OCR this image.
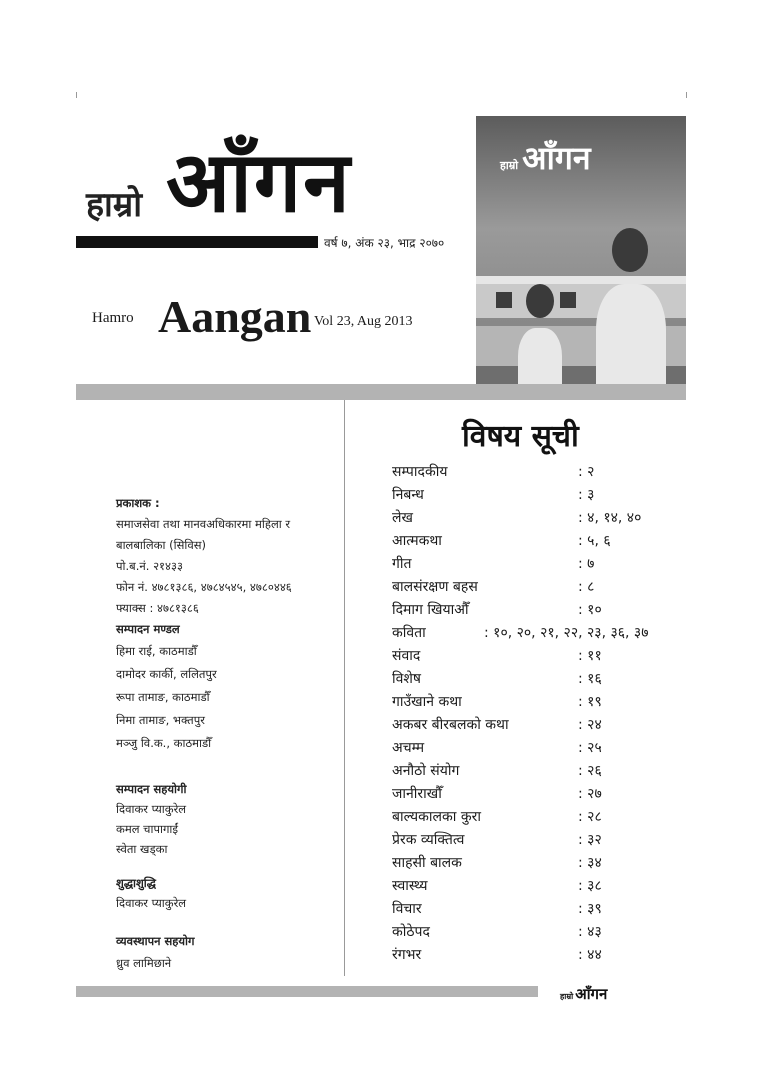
हाम्रो आँगन
वर्ष ७, अंक २३, भाद्र २०७०
Hamro Aangan Vol 23, Aug 2013
हाम्रो आँगन
प्रकाशक :
समाजसेवा तथा मानवअधिकारमा महिला र
बालबालिका (सिविस)
पो.ब.नं. २१४३३
फोन नं. ४७८१३८६, ४७८४५४५, ४७८०४४६
फ्याक्स : ४७८१३८६
सम्पादन मण्डल
हिमा राई, काठमाडौँ
दामोदर कार्की, ललितपुर
रूपा तामाङ, काठमाडौँ
निमा तामाङ, भक्तपुर
मञ्जु वि.क., काठमाडौँ
सम्पादन सहयोगी
दिवाकर प्याकुरेल
कमल चापागाईं
स्वेता खड्का
शुद्धाशुद्धि
दिवाकर प्याकुरेल
व्यवस्थापन सहयोग
ध्रुव लामिछाने
विषय सूची
सम्पादकीय	: २
निबन्ध	: ३
लेख	: ४, १४, ४०
आत्मकथा	: ५, ६
गीत	: ७
बालसंरक्षण बहस	: ८
दिमाग खियाऔँ	: १०
कविता	: १०, २०, २१, २२, २३, ३६, ३७
संवाद	: ११
विशेष	: १६
गाउँखाने कथा	: १९
अकबर बीरबलको कथा	: २४
अचम्म	: २५
अनौठो संयोग	: २६
जानीराखौँ	: २७
बाल्यकालका कुरा	: २८
प्रेरक व्यक्तित्व	: ३२
साहसी बालक	: ३४
स्वास्थ्य	: ३८
विचार	: ३९
कोठेपद	: ४३
रंगभर	: ४४
हाम्रो आँगन
